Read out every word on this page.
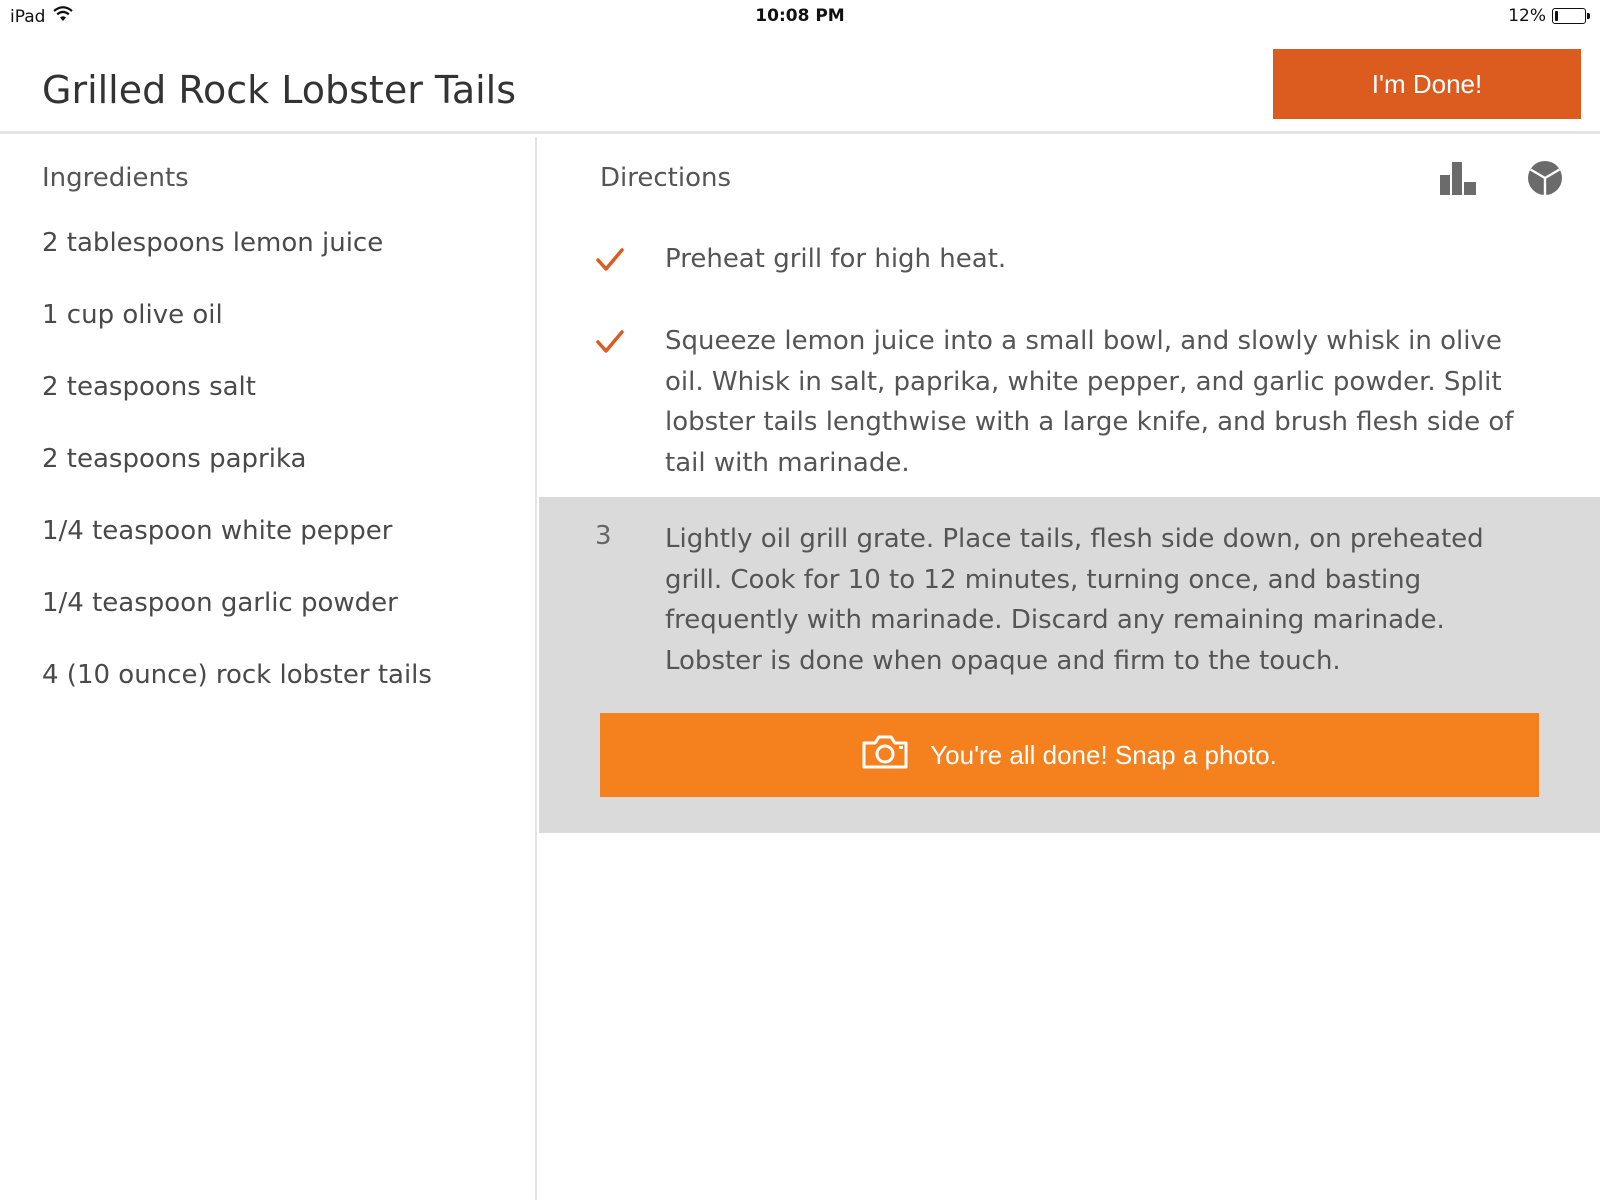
iPad	10:08 PM	12%
Grilled Rock Lobster Tails	I'm Done!
Ingredients
2 tablespoons lemon juice
1 cup olive oil
2 teaspoons salt
2 teaspoons paprika
1/4 teaspoon white pepper
1/4 teaspoon garlic powder
4 (10 ounce) rock lobster tails
Directions
Preheat grill for high heat.
Squeeze lemon juice into a small bowl, and slowly whisk in olive oil. Whisk in salt, paprika, white pepper, and garlic powder. Split lobster tails lengthwise with a large knife, and brush flesh side of tail with marinade.
3 Lightly oil grill grate. Place tails, flesh side down, on preheated grill. Cook for 10 to 12 minutes, turning once, and basting frequently with marinade. Discard any remaining marinade. Lobster is done when opaque and firm to the touch.
You're all done! Snap a photo.
